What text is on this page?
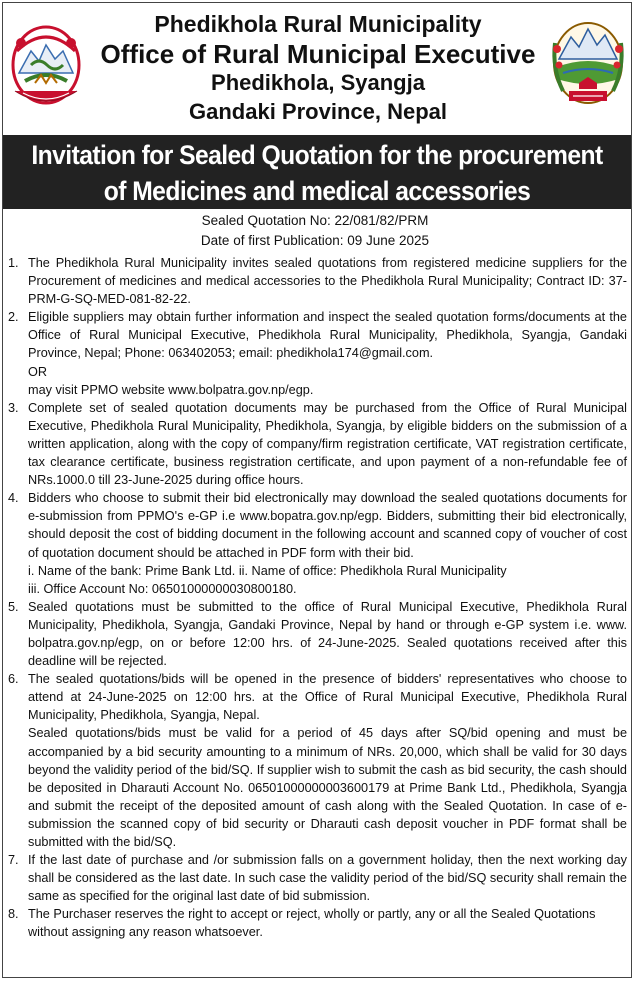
Phedikhola Rural Municipality
Office of Rural Municipal Executive
Phedikhola, Syangja
Gandaki Province, Nepal
Invitation for Sealed Quotation for the procurement
of Medicines and medical accessories
Sealed Quotation No: 22/081/82/PRM
Date of first Publication: 09 June 2025
1. The Phedikhola Rural Municipality invites sealed quotations from registered medicine suppliers for the Procurement of medicines and medical accessories to the Phedikhola Rural Municipality; Contract ID: 37-PRM-G-SQ-MED-081-82-22.

2. Eligible suppliers may obtain further information and inspect the sealed quotation forms/documents at the Office of Rural Municipal Executive, Phedikhola Rural Municipality, Phedikhola, Syangja, Gandaki Province, Nepal; Phone: 063402053; email: phedikhola174@gmail.com.

OR

may visit PPMO website www.bolpatra.gov.np/egp.

3. Complete set of sealed quotation documents may be purchased from the Office of Rural Municipal Executive, Phedikhola Rural Municipality, Phedikhola, Syangja, by eligible bidders on the submission of a written application, along with the copy of company/firm registration certificate, VAT registration certificate, tax clearance certificate, business registration certificate, and upon payment of a non-refundable fee of NRs.1000.0 till 23-June-2025 during office hours.

4. Bidders who choose to submit their bid electronically may download the sealed quotations documents for e-submission from PPMO's e-GP i.e www.bopatra.gov.np/egp. Bidders, submitting their bid electronically, should deposit the cost of bidding document in the following account and scanned copy of voucher of cost of quotation document should be attached in PDF form with their bid.

i. Name of the bank: Prime Bank Ltd. ii. Name of office: Phedikhola Rural Municipality

iii. Office Account No: 06501000000030800180.

5. Sealed quotations must be submitted to the office of Rural Municipal Executive, Phedikhola Rural Municipality, Phedikhola, Syangja, Gandaki Province, Nepal by hand or through e-GP system i.e. www. bolpatra.gov.np/egp, on or before 12:00 hrs. of 24-June-2025. Sealed quotations received after this deadline will be rejected.

6. The sealed quotations/bids will be opened in the presence of bidders' representatives who choose to attend at 24-June-2025 on 12:00 hrs. at the Office of Rural Municipal Executive, Phedikhola Rural Municipality, Phedikhola, Syangja, Nepal.

Sealed quotations/bids must be valid for a period of 45 days after SQ/bid opening and must be accompanied by a bid security amounting to a minimum of NRs. 20,000, which shall be valid for 30 days beyond the validity period of the bid/SQ. If supplier wish to submit the cash as bid security, the cash should be deposited in Dharauti Account No. 06501000000003600179 at Prime Bank Ltd., Phedikhola, Syangja and submit the receipt of the deposited amount of cash along with the Sealed Quotation. In case of e-submission the scanned copy of bid security or Dharauti cash deposit voucher in PDF format shall be submitted with the bid/SQ.

7. If the last date of purchase and /or submission falls on a government holiday, then the next working day shall be considered as the last date. In such case the validity period of the bid/SQ security shall remain the same as specified for the original last date of bid submission.

8. The Purchaser reserves the right to accept or reject, wholly or partly, any or all the Sealed Quotations without assigning any reason whatsoever.
